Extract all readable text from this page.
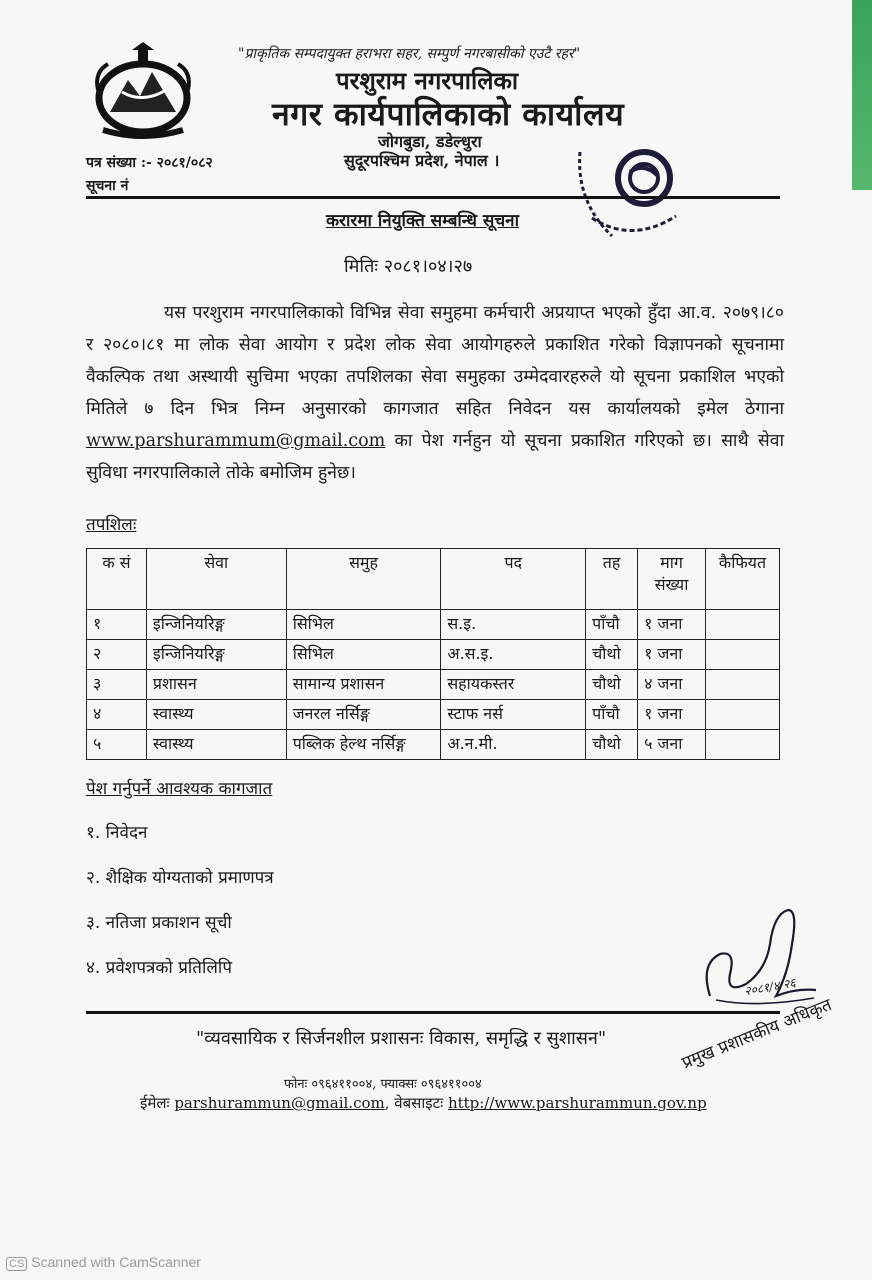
"प्राकृतिक सम्पदायुक्त हराभरा सहर, सम्पुर्ण नगरबासीको एउटै रहर"
परशुराम नगरपालिका
नगर कार्यपालिकाको कार्यालय
जोगबुडा, डडेल्धुरा
सुदूरपश्चिम प्रदेश, नेपाल ।
पत्र संख्या :- २०८१/०८२
सूचना नं
करारमा नियुक्ति सम्बन्धि सूचना
मितिः २०८१।०४।२७
यस परशुराम नगरपालिकाको विभिन्न सेवा समुहमा कर्मचारी अप्रयाप्त भएको हुँदा आ.व. २०७९।८० र २०८०।८१ मा लोक सेवा आयोग र प्रदेश लोक सेवा आयोगहरुले प्रकाशित गरेको विज्ञापनको सूचनामा वैकल्पिक तथा अस्थायी सुचिमा भएका तपशिलका सेवा समुहका उम्मेदवारहरुले यो सूचना प्रकाशिल भएको मितिले ७ दिन भित्र निम्न अनुसारको कागजात सहित निवेदन यस कार्यालयको इमेल ठेगाना www.parshurammum@gmail.com का पेश गर्नहुन यो सूचना प्रकाशित गरिएको छ। साथै सेवा सुविधा नगरपालिकाले तोके बमोजिम हुनेछ।
तपशिलः
क सं	सेवा	समुह	पद	तह	माग संख्या	कैफियत
१	इन्जिनियरिङ्ग	सिभिल	स.इ.	पाँचौ	१ जना	
२	इन्जिनियरिङ्ग	सिभिल	अ.स.इ.	चौथो	१ जना	
३	प्रशासन	सामान्य प्रशासन	सहायकस्तर	चौथो	४ जना	
४	स्वास्थ्य	जनरल नर्सिङ्ग	स्टाफ नर्स	पाँचौ	१ जना	
५	स्वास्थ्य	पब्लिक हेल्थ नर्सिङ्ग	अ.न.मी.	चौथो	५ जना	
पेश गर्नुपर्ने आवश्यक कागजात
१. निवेदन
२. शैक्षिक योग्यताको प्रमाणपत्र
३. नतिजा प्रकाशन सूची
४. प्रवेशपत्रको प्रतिलिपि
२०८१/४/२६
प्रमुख प्रशासकीय अधिकृत
"व्यवसायिक र सिर्जनशील प्रशासनः विकास, समृद्धि र सुशासन"
फोनः ०९६४११००४, फ्याक्सः ०९६४११००४
ईमेलः parshurammun@gmail.com, वेबसाइटः http://www.parshurammun.gov.np
CS Scanned with CamScanner
